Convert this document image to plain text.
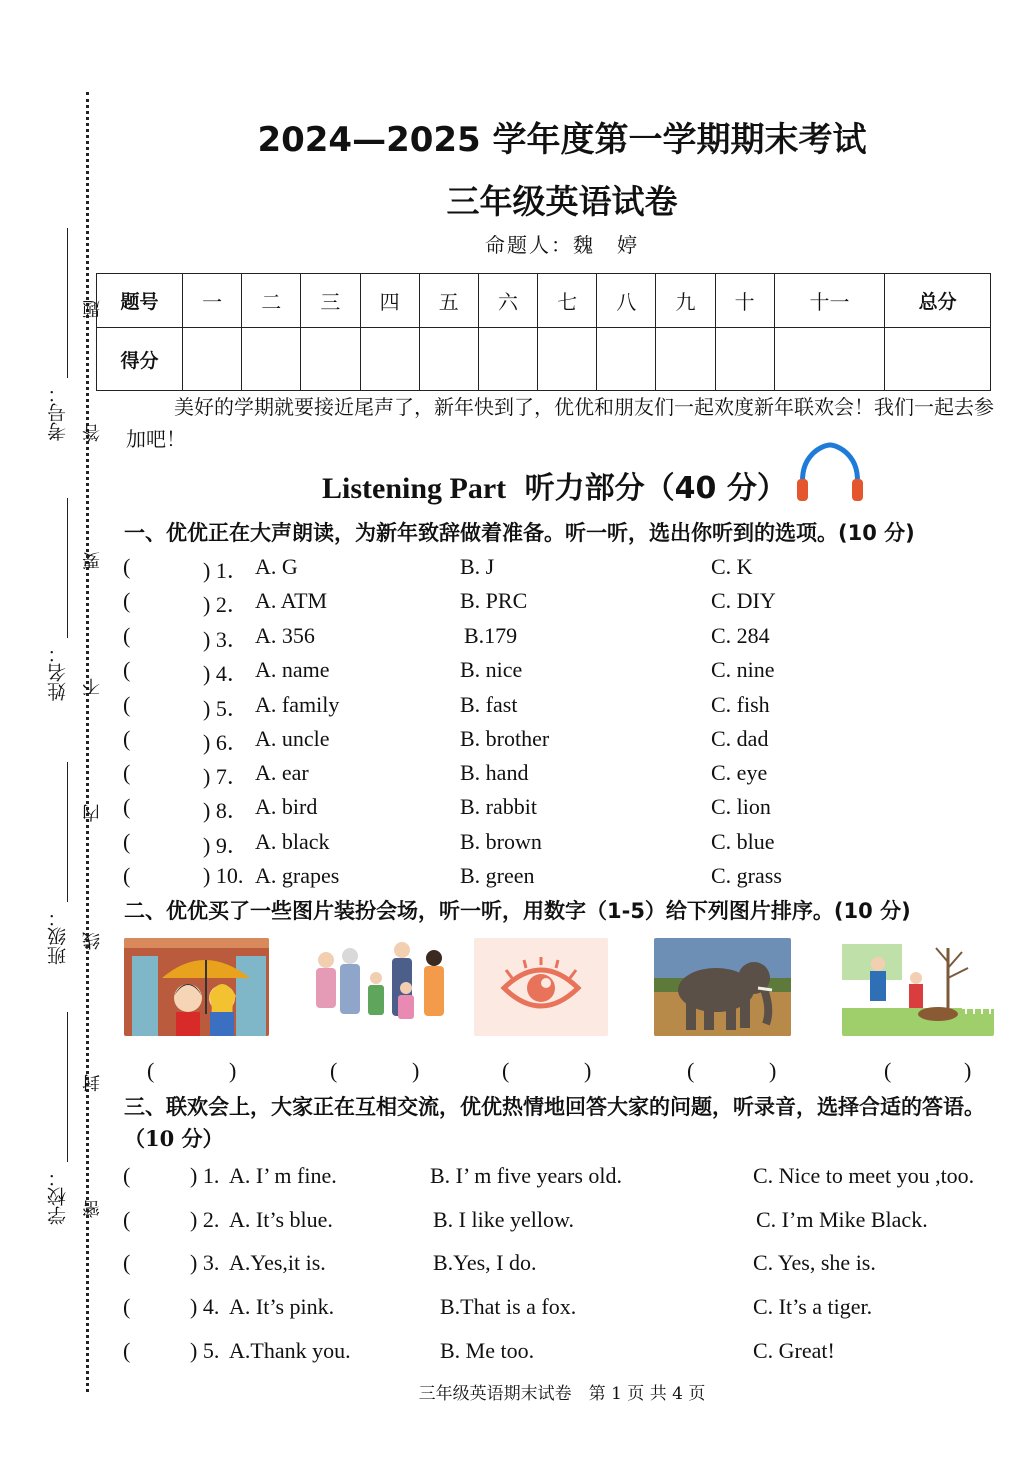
考号：
姓名：
班级：
学校：
题
答
要
不
内
线
封
密
2024—2025 学年度第一学期期末考试
三年级英语试卷
命题人：魏　婷
题号	一	二	三	四	五	六	七	八	九	十	十一	总分
得分												
美好的学期就要接近尾声了，新年快到了，优优和朋友们一起欢度新年联欢会！我们一起去参加吧！
Listening Part 听力部分（40 分）
一、优优正在大声朗读，为新年致辞做着准备。听一听，选出你听到的选项。(10 分)
(	) 1． A. G	B. J	C. K
(	) 2． A. ATM	B. PRC	C. DIY
(	) 3． A. 356	B.179	C. 284
(	) 4． A. name	B. nice	C. nine
(	) 5． A. family	B. fast	C. fish
(	) 6． A. uncle	B. brother	C. dad
(	) 7． A. ear	B. hand	C. eye
(	) 8． A. bird	B. rabbit	C. lion
(	) 9． A. black	B. brown	C. blue
(	) 10. A. grapes	B. green	C. grass
二、优优买了一些图片装扮会场，听一听，用数字（1-5）给下列图片排序。(10 分)
(	)	(	)	(	)	(	)	(	)
三、联欢会上，大家正在互相交流，优优热情地回答大家的问题，听录音，选择合适的答语。（10 分）
(	) 1. A. I’ m fine.	B. I’ m five years old.	C. Nice to meet you ,too.
(	) 2. A. It’s blue.	B. I like yellow.	C. I’m Mike Black.
(	) 3. A.Yes,it is.	B.Yes, I do.	C. Yes, she is.
(	) 4. A. It’s pink.	B.That is a fox.	C. It’s a tiger.
(	) 5. A.Thank you.	B. Me too.	C. Great!
三年级英语期末试卷　第 1 页 共 4 页
